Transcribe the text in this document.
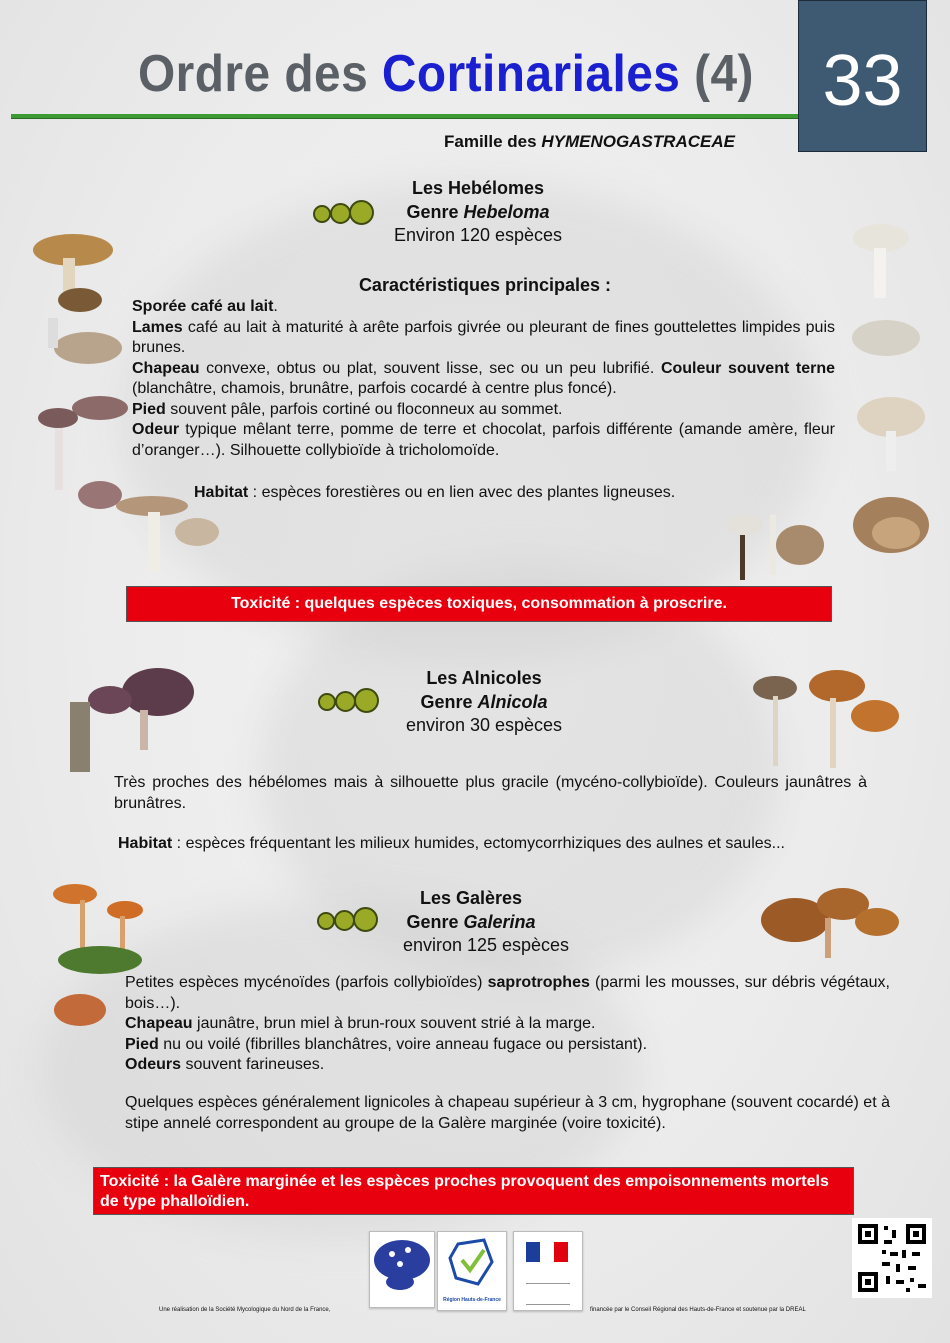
Ordre des Cortinariales (4) 33
Famille des HYMENOGASTRACEAE
Les Hebélomes
Genre Hebeloma
Environ 120 espèces
Caractéristiques principales :
Sporée café au lait.
Lames café au lait à maturité à arête parfois givrée ou pleurant de fines gouttelettes limpides puis brunes.
Chapeau convexe, obtus ou plat, souvent lisse, sec ou un peu lubrifié. Couleur souvent terne (blanchâtre, chamois, brunâtre, parfois cocardé à centre plus foncé).
Pied souvent pâle, parfois cortiné ou floconneux au sommet.
Odeur typique mêlant terre, pomme de terre et chocolat, parfois différente (amande amère, fleur d’oranger…). Silhouette collybioïde à tricholomoïde.
Habitat : espèces forestières ou en lien avec des plantes ligneuses.
Toxicité : quelques espèces toxiques, consommation à proscrire.
Les Alnicoles
Genre Alnicola
environ 30 espèces
Très proches des hébélomes mais à silhouette plus gracile (mycéno-collybioïde). Couleurs jaunâtres à brunâtres.
Habitat : espèces fréquentant les milieux humides, ectomycorrhiziques des aulnes et saules...
Les Galères
Genre Galerina
environ 125 espèces
Petites espèces mycénoïdes (parfois collybioïdes) saprotrophes (parmi les mousses, sur débris végétaux, bois…).
Chapeau jaunâtre, brun miel à brun-roux souvent strié à la marge.
Pied nu ou voilé (fibrilles blanchâtres, voire anneau fugace ou persistant).
Odeurs souvent farineuses.
Quelques espèces généralement lignicoles à chapeau supérieur à 3 cm, hygrophane (souvent cocardé) et à stipe annelé correspondent au groupe de la Galère marginée (voire toxicité).
Toxicité : la Galère marginée et les espèces proches provoquent des empoisonnements mortels de type phalloïdien.
Région Hauts-de-France
Une réalisation de la Société Mycologique du Nord de la France,	financée par le Conseil Régional des Hauts-de-France et soutenue par la DREAL
